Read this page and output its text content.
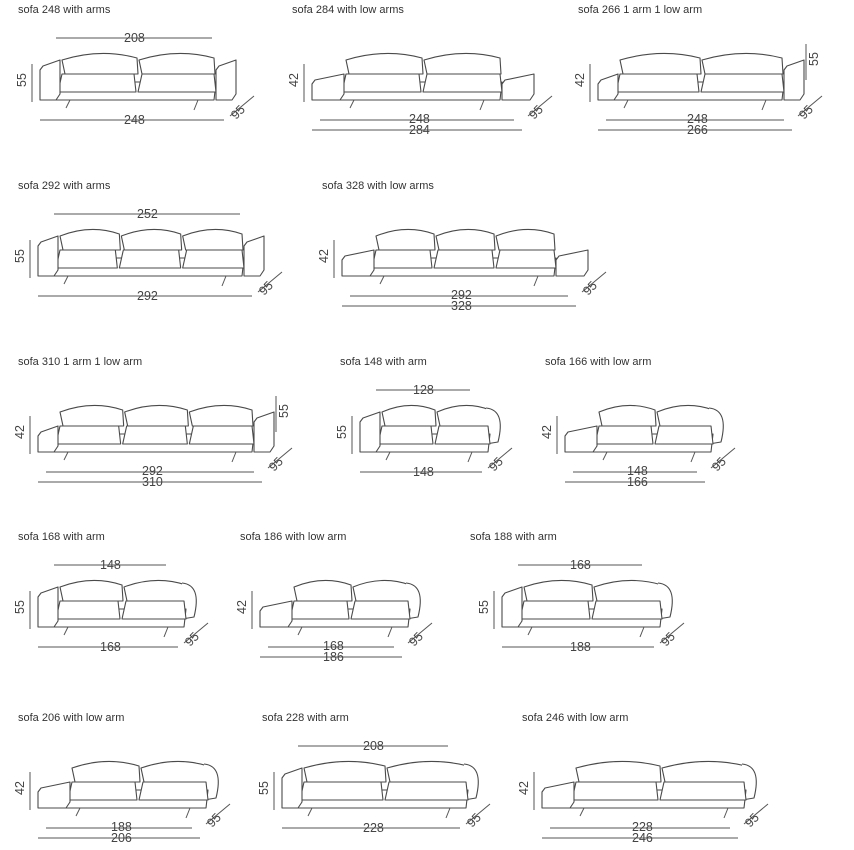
sofa 248 with arms
208
248
55
95
sofa 284 with low arms
248
284
42
95
sofa 266 1 arm 1 low arm
248
266
42
55
95
sofa 292 with arms
252
292
55
95
sofa 328 with low arms
292
328
42
95
sofa 310 1 arm 1 low arm
292
310
42
55
95
sofa 148 with arm
128
148
55
95
sofa 166 with low arm
148
166
42
95
sofa 168 with arm
148
168
55
95
sofa 186 with low arm
168
186
42
95
sofa 188 with arm
168
188
55
95
sofa 206 with low arm
188
206
42
95
sofa 228 with arm
208
228
55
95
sofa 246 with low arm
228
246
42
95
